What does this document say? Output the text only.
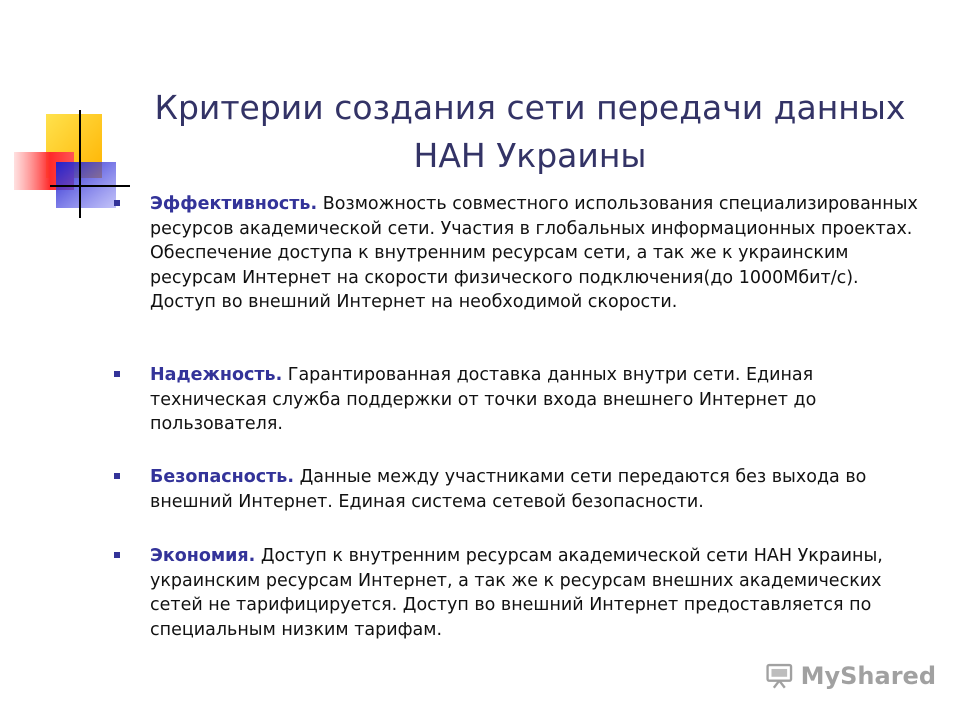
Критерии создания сети передачи данных
НАН Украины
Эффективность. Возможность совместного использования специализированных ресурсов академической сети. Участия в глобальных информационных проектах. Обеспечение доступа к внутренним ресурсам сети, а так же к украинским ресурсам Интернет на скорости физического подключения(до 1000Мбит/с). Доступ во внешний Интернет на необходимой скорости.
Надежность. Гарантированная доставка данных внутри сети. Единая техническая служба поддержки от точки входа внешнего Интернет до пользователя.
Безопасность. Данные между участниками сети передаются без выхода во внешний Интернет. Единая система сетевой безопасности.
Экономия. Доступ к внутренним ресурсам академической сети НАН Украины, украинским ресурсам Интернет, а так же к ресурсам внешних академических сетей не тарифицируется. Доступ во внешний Интернет предоставляется по специальным низким тарифам.
MyShared
